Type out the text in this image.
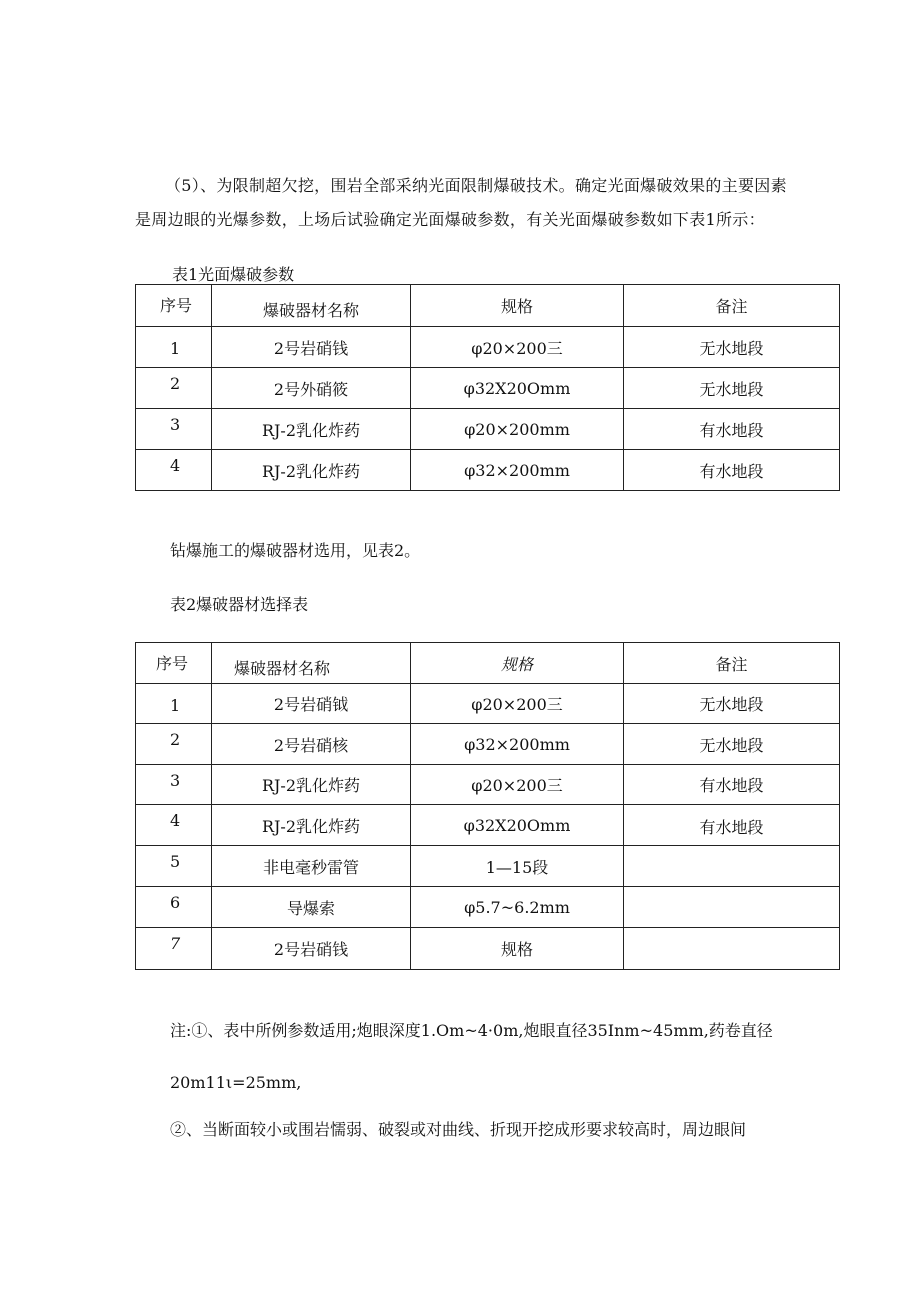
（5）、为限制超欠挖，围岩全部采纳光面限制爆破技术。确定光面爆破效果的主要因素
是周边眼的光爆参数，上场后试验确定光面爆破参数，有关光面爆破参数如下表1所示：
表1光面爆破参数
序号	爆破器材名称	规格	备注
1	2号岩硝钱	φ20×200三	无水地段
2	2号外硝筱	φ32X20Omm	无水地段
3	RJ-2乳化炸药	φ20×200mm	有水地段
4	RJ-2乳化炸药	φ32×200mm	有水地段
钻爆施工的爆破器材选用，见表2。
表2爆破器材选择表
序号	爆破器材名称	规格	备注
1	2号岩硝钺	φ20×200三	无水地段
2	2号岩硝核	φ32×200mm	无水地段
3	RJ-2乳化炸药	φ20×200三	有水地段
4	RJ-2乳化炸药	φ32X20Omm	有水地段
5	非电毫秒雷管	1—15段	
6	导爆索	φ5.7~6.2mm	
7	2号岩硝钱	规格	
注:①、表中所例参数适用;炮眼深度1.Om~4·0m,炮眼直径35Inm~45mm,药卷直径
20m11ι=25mm,
②、当断面较小或围岩懦弱、破裂或对曲线、折现开挖成形要求较高时，周边眼间
